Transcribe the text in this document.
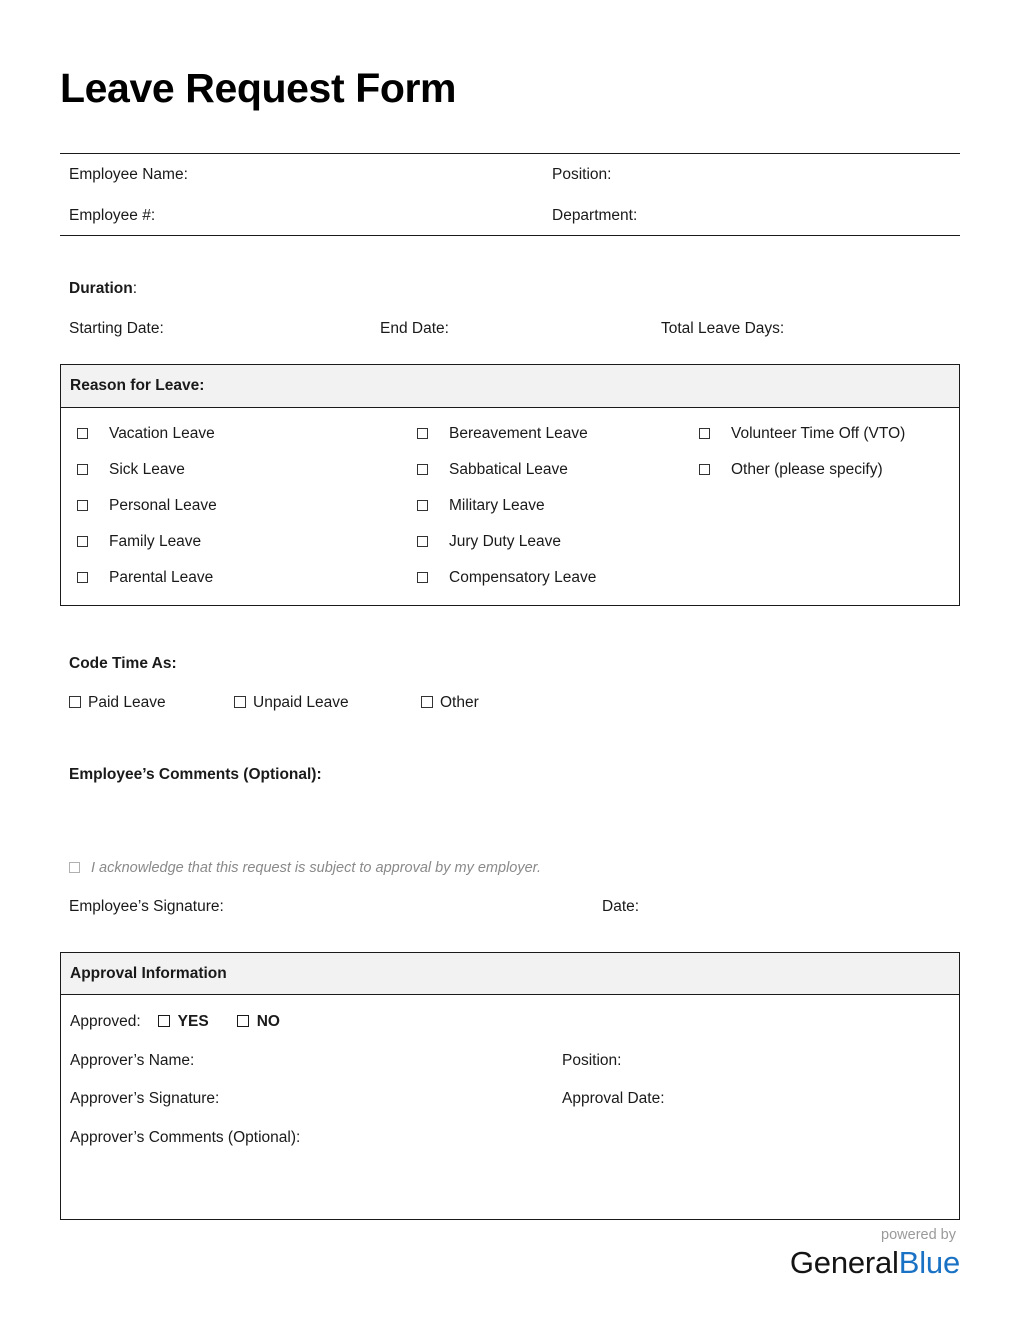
Leave Request Form
Employee Name:	Position:
Employee #:	Department:
Duration:
Starting Date:	End Date:	Total Leave Days:
Reason for Leave:
Vacation Leave	Bereavement Leave	Volunteer Time Off (VTO)
Sick Leave	Sabbatical Leave	Other (please specify)
Personal Leave	Military Leave
Family Leave	Jury Duty Leave
Parental Leave	Compensatory Leave
Code Time As:
Paid Leave	Unpaid Leave	Other
Employee’s Comments (Optional):
I acknowledge that this request is subject to approval by my employer.
Employee’s Signature:	Date:
Approval Information
Approved:	YES	NO
Approver’s Name:	Position:
Approver’s Signature:	Approval Date:
Approver’s Comments (Optional):
powered by
GeneralBlue
